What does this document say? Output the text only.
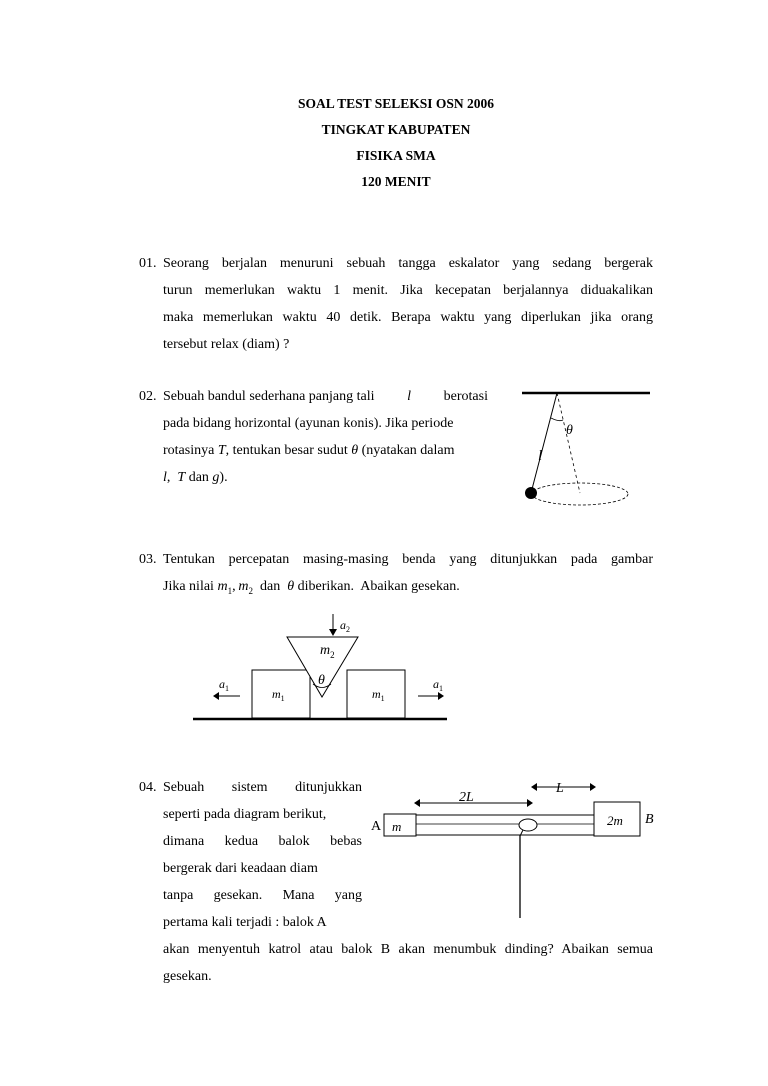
SOAL TEST SELEKSI OSN 2006
TINGKAT KABUPATEN
FISIKA SMA
120 MENIT
01. Seorang berjalan menuruni sebuah tangga eskalator yang sedang bergerak
turun memerlukan waktu 1 menit. Jika kecepatan berjalannya diduakalikan
maka memerlukan waktu 40 detik. Berapa waktu yang diperlukan jika orang
tersebut relax (diam) ?
02. Sebuah bandul sederhana panjang tali l berotasi
pada bidang horizontal (ayunan konis). Jika periode
rotasinya T, tentukan besar sudut θ (nyatakan dalam
l, T dan g).
θ
l
03. Tentukan percepatan masing-masing benda yang ditunjukkan pada gambar
Jika nilai $m_1$, $m_2$ dan θ diberikan. Abaikan gesekan.
$a_2$
$m_2$
θ
$a_1$	$a_1$
$m_1$	$m_1$
04. Sebuah sistem ditunjukkan
seperti pada diagram berikut,
dimana kedua balok bebas
bergerak dari keadaan diam
tanpa gesekan. Mana yang
pertama kali terjadi : balok A
akan menyentuh katrol atau balok B akan menumbuk dinding? Abaikan semua
gesekan.
2L
L
A	B
m	2m
